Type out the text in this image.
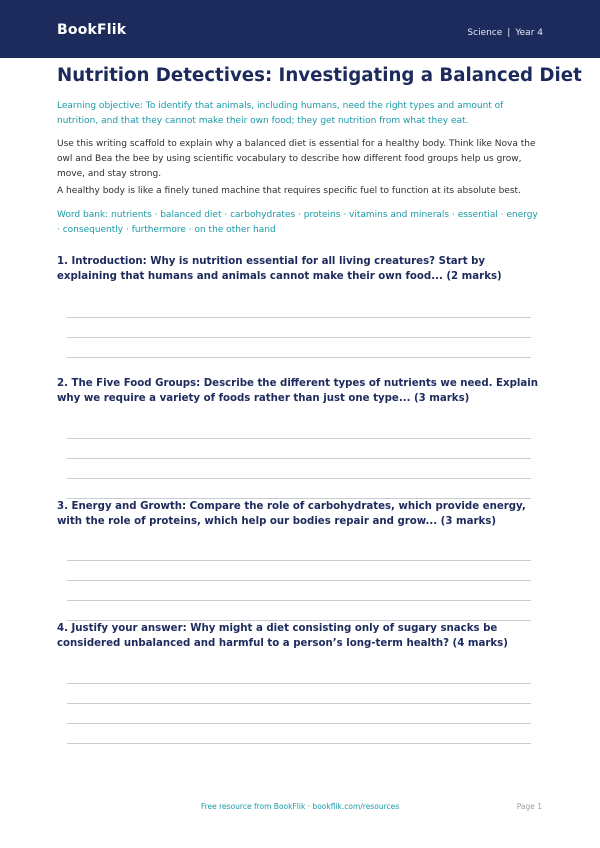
BookFlik	Science | Year 4
Nutrition Detectives: Investigating a Balanced Diet

Learning objective: To identify that animals, including humans, need the right types and amount of nutrition, and that they cannot make their own food; they get nutrition from what they eat.

Use this writing scaffold to explain why a balanced diet is essential for a healthy body. Think like Nova the owl and Bea the bee by using scientific vocabulary to describe how different food groups help us grow, move, and stay strong.

A healthy body is like a finely tuned machine that requires specific fuel to function at its absolute best.

Word bank: nutrients · balanced diet · carbohydrates · proteins · vitamins and minerals · essential · energy · consequently · furthermore · on the other hand

1. Introduction: Why is nutrition essential for all living creatures? Start by explaining that humans and animals cannot make their own food... (2 marks)

2. The Five Food Groups: Describe the different types of nutrients we need. Explain why we require a variety of foods rather than just one type... (3 marks)

3. Energy and Growth: Compare the role of carbohydrates, which provide energy, with the role of proteins, which help our bodies repair and grow... (3 marks)

4. Justify your answer: Why might a diet consisting only of sugary snacks be considered unbalanced and harmful to a person’s long-term health? (4 marks)

Free resource from BookFlik · bookflik.com/resources	Page 1
